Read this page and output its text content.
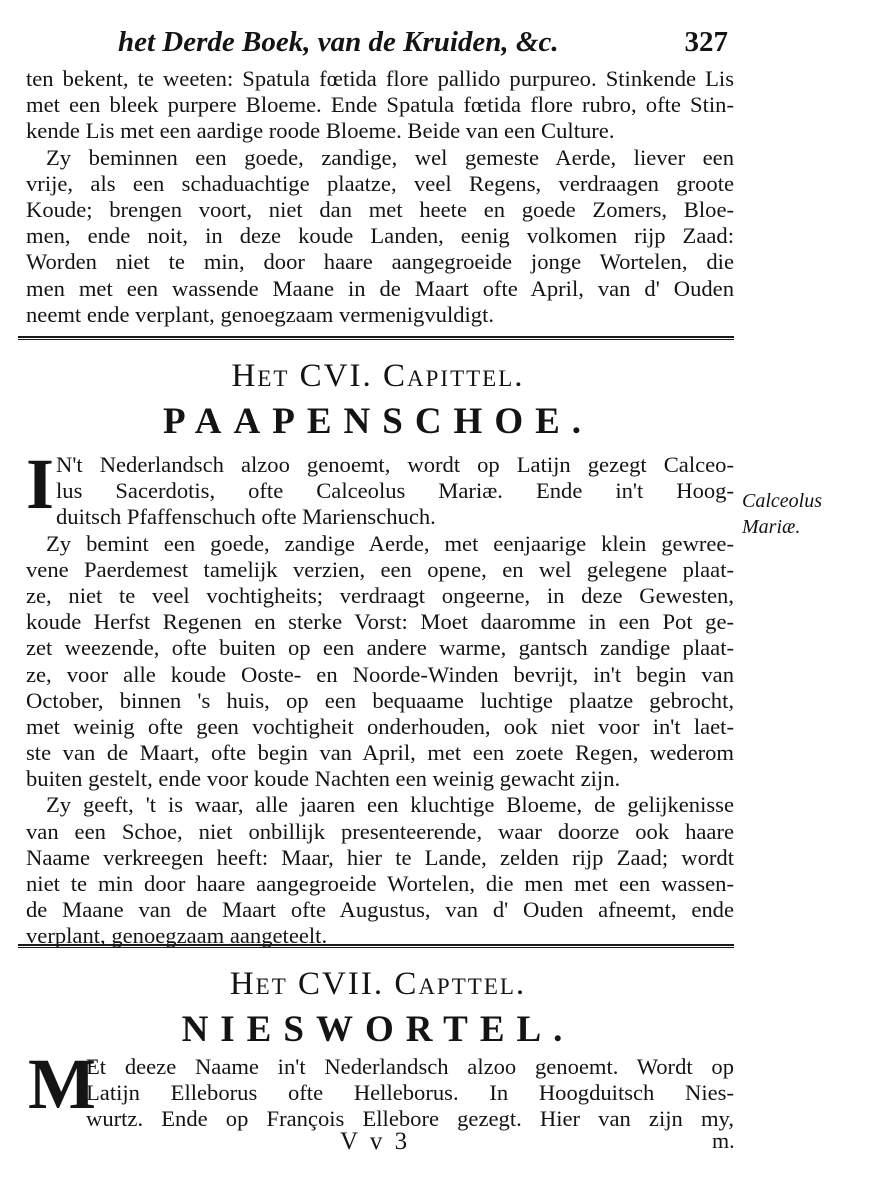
het Derde Boek, van de Kruiden, &c.	327
ten bekent, te weeten: Spatula fœtida flore pallido purpureo. Stinkende Lis
met een bleek purpere Bloeme. Ende Spatula fœtida flore rubro, ofte Stin-
kende Lis met een aardige roode Bloeme. Beide van een Culture.
Zy beminnen een goede, zandige, wel gemeste Aerde, liever een
vrije, als een schaduachtige plaatze, veel Regens, verdraagen groote
Koude; brengen voort, niet dan met heete en goede Zomers, Bloe-
men, ende noit, in deze koude Landen, eenig volkomen rijp Zaad:
Worden niet te min, door haare aangegroeide jonge Wortelen, die
men met een wassende Maane in de Maart ofte April, van d' Ouden
neemt ende verplant, genoegzaam vermenigvuldigt.
Het CVI. Capittel.
PAAPENSCHOE.
I N't Nederlandsch alzoo genoemt, wordt op Latijn gezegt Calceo-
lus Sacerdotis, ofte Calceolus Mariæ. Ende in't Hoog-
duitsch Pfaffenschuch ofte Marienschuch.
Zy bemint een goede, zandige Aerde, met eenjaarige klein gewree-
vene Paerdemest tamelijk verzien, een opene, en wel gelegene plaat-
ze, niet te veel vochtigheits; verdraagt ongeerne, in deze Gewesten,
koude Herfst Regenen en sterke Vorst: Moet daaromme in een Pot ge-
zet weezende, ofte buiten op een andere warme, gantsch zandige plaat-
ze, voor alle koude Ooste- en Noorde-Winden bevrijt, in't begin van
October, binnen 's huis, op een bequaame luchtige plaatze gebrocht,
met weinig ofte geen vochtigheit onderhouden, ook niet voor in't laet-
ste van de Maart, ofte begin van April, met een zoete Regen, wederom
buiten gestelt, ende voor koude Nachten een weinig gewacht zijn.
Zy geeft, 't is waar, alle jaaren een kluchtige Bloeme, de gelijkenisse
van een Schoe, niet onbillijk presenteerende, waar doorze ook haare
Naame verkreegen heeft: Maar, hier te Lande, zelden rijp Zaad; wordt
niet te min door haare aangegroeide Wortelen, die men met een wassen-
de Maane van de Maart ofte Augustus, van d' Ouden afneemt, ende
verplant, genoegzaam aangeteelt.
Calceolus
Mariæ.
Het CVII. Capttel.
NIESWORTEL.
M
Et deeze Naame in't Nederlandsch alzoo genoemt. Wordt op
Latijn Elleborus ofte Helleborus. In Hoogduitsch Nies-
wurtz. Ende op François Ellebore gezegt. Hier van zijn my,
V v 3	m.
